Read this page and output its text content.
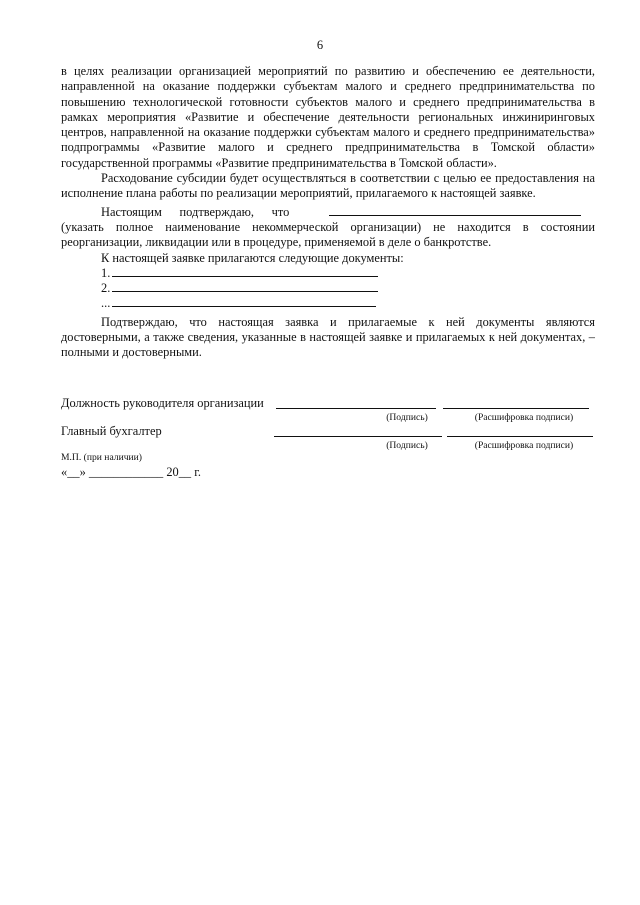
6

в целях реализации организацией мероприятий по развитию и обеспечению ее деятельности, направленной на оказание поддержки субъектам малого и среднего предпринимательства по повышению технологической готовности субъектов малого и среднего предпринимательства в рамках мероприятия «Развитие и обеспечение деятельности региональных инжиниринговых центров, направленной на оказание поддержки субъектам малого и среднего предпринимательства» подпрограммы «Развитие малого и среднего предпринимательства в Томской области» государственной программы «Развитие предпринимательства в Томской области».

Расходование субсидии будет осуществляться в соответствии с целью ее предоставления на исполнение плана работы по реализации мероприятий, прилагаемого к настоящей заявке.

Настоящим подтверждаю, что  (указать полное наименование некоммерческой организации) не находится в состоянии реорганизации, ликвидации или в процедуре, применяемой в деле о банкротстве.

К настоящей заявке прилагаются следующие документы:

1.
2.
...

Подтверждаю, что настоящая заявка и прилагаемые к ней документы являются достоверными, а также сведения, указанные в настоящей заявке и прилагаемых к ней документах, – полными и достоверными.

Должность руководителя организации
(Подпись)	(Расшифровка подписи)
Главный бухгалтер
(Подпись)	(Расшифровка подписи)
М.П. (при наличии)
«__» ____________ 20__ г.
